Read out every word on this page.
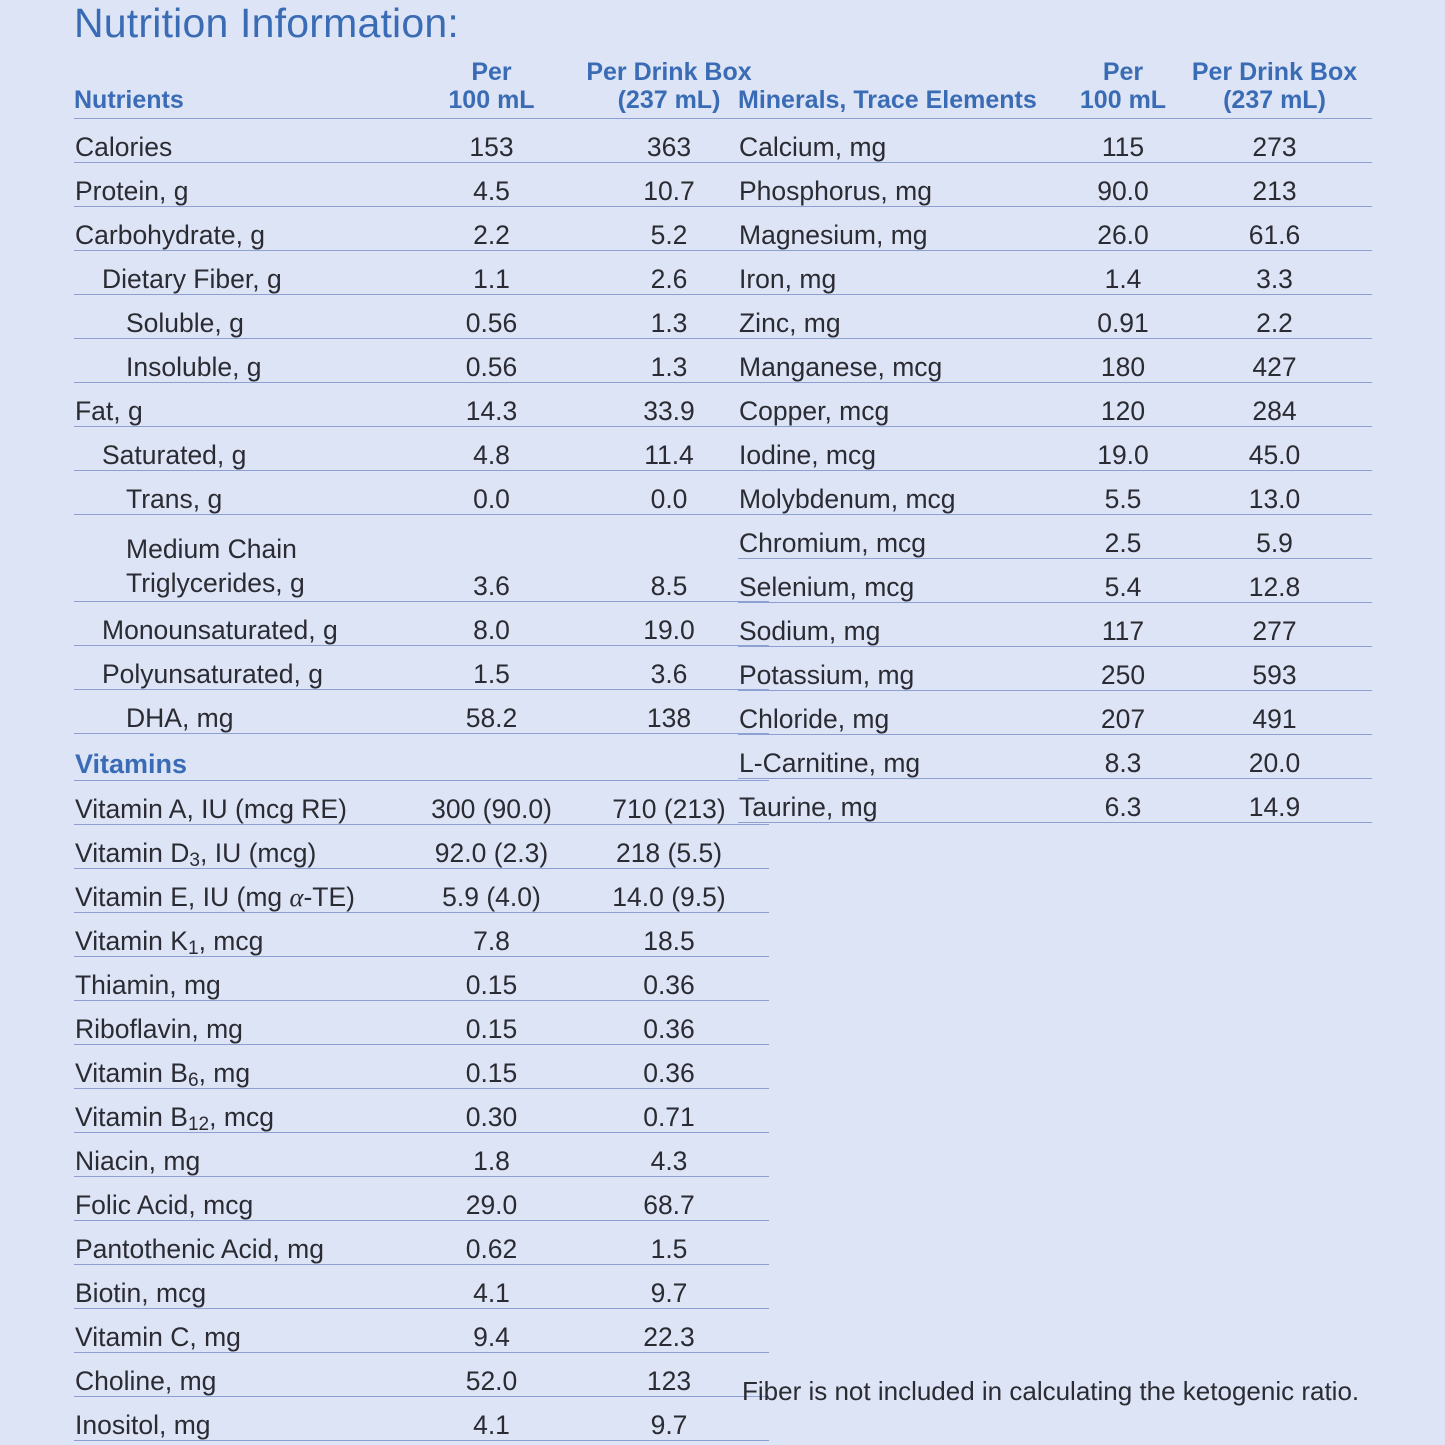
Nutrition Information:
Nutrients	
Per
100 mL

Per Drink Box
(237 mL)

Calories	153	363
Protein, g	4.5	10.7
Carbohydrate, g	2.2	5.2
Dietary Fiber, g	1.1	2.6
Soluble, g	0.56	1.3
Insoluble, g	0.56	1.3
Fat, g	14.3	33.9
Saturated, g	4.8	11.4
Trans, g	0.0	0.0
Medium Chain Triglycerides, g	3.6	8.5
Monounsaturated, g	8.0	19.0
Polyunsaturated, g	1.5	3.6
DHA, mg	58.2	138
Vitamins		
Vitamin A, IU (mcg RE)	300 (90.0)	710 (213)
Vitamin $D_3$, IU (mcg)	92.0 (2.3)	218 (5.5)
Vitamin E, IU (mg α-TE)	5.9 (4.0)	14.0 (9.5)
Vitamin $K_1$, mcg	7.8	18.5
Thiamin, mg	0.15	0.36
Riboflavin, mg	0.15	0.36
Vitamin $B_6$, mg	0.15	0.36
Vitamin $B_{12}$, mcg	0.30	0.71
Niacin, mg	1.8	4.3
Folic Acid, mcg	29.0	68.7
Pantothenic Acid, mg	0.62	1.5
Biotin, mcg	4.1	9.7
Vitamin C, mg	9.4	22.3
Choline, mg	52.0	123
Inositol, mg	4.1	9.7
Minerals, Trace Elements	
Per
100 mL

Per Drink Box
(237 mL)

Calcium, mg	115	273
Phosphorus, mg	90.0	213
Magnesium, mg	26.0	61.6
Iron, mg	1.4	3.3
Zinc, mg	0.91	2.2
Manganese, mcg	180	427
Copper, mcg	120	284
Iodine, mcg	19.0	45.0
Molybdenum, mcg	5.5	13.0
Chromium, mcg	2.5	5.9
Selenium, mcg	5.4	12.8
Sodium, mg	117	277
Potassium, mg	250	593
Chloride, mg	207	491
L-Carnitine, mg	8.3	20.0
Taurine, mg	6.3	14.9
Fiber is not included in calculating the ketogenic ratio.
